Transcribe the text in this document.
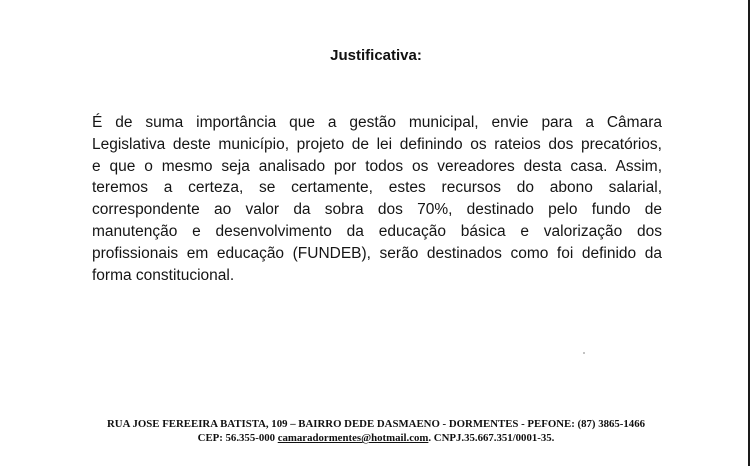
Justificativa:
É de suma importância que a gestão municipal, envie para a Câmara
Legislativa deste município, projeto de lei definindo os rateios dos precatórios,
e que o mesmo seja analisado por todos os vereadores desta casa. Assim,
teremos a certeza, se certamente, estes recursos do abono salarial,
correspondente ao valor da sobra dos 70%, destinado pelo fundo de
manutenção e desenvolvimento da educação básica e valorização dos
profissionais em educação (FUNDEB), serão destinados como foi definido da
forma constitucional.
RUA JOSE FEREEIRA BATISTA, 109 – BAIRRO DEDE DASMAENO - DORMENTES - PEFONE: (87) 3865-1466
CEP: 56.355-000 camaradormentes@hotmail.com. CNPJ.35.667.351/0001-35.
